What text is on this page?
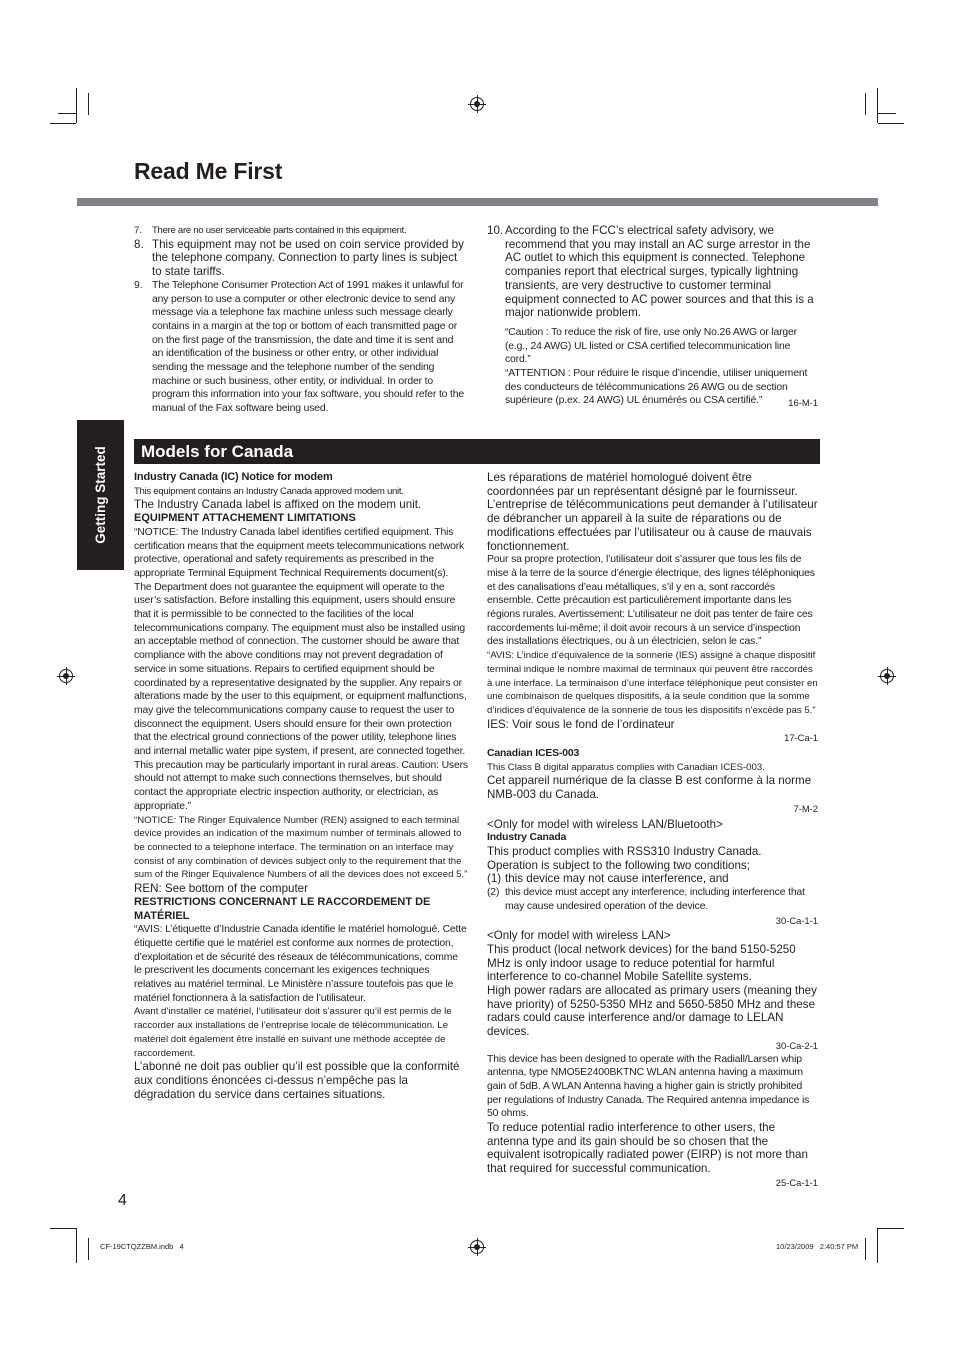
Read Me First
Getting Started
7.	There are no user serviceable parts contained in this equipment.
8. This equipment may not be used on coin service provided by the telephone company. Connection to party lines is subject to state tariffs.
9. The Telephone Consumer Protection Act of 1991 makes it unlawful for any person to use a computer or other electronic device to send any message via a telephone fax machine unless such message clearly contains in a margin at the top or bottom of each transmitted page or on the first page of the transmission, the date and time it is sent and an identification of the business or other entry, or other individual sending the message and the telephone number of the sending machine or such business, other entity, or individual. In order to program this information into your fax software, you should refer to the manual of the Fax software being used.
10. According to the FCC’s electrical safety advisory, we recommend that you may install an AC surge arrestor in the AC outlet to which this equipment is connected. Telephone companies report that electrical surges, typically lightning transients, are very destructive to customer terminal equipment connected to AC power sources and that this is a major nationwide problem.

“Caution : To reduce the risk of fire, use only No.26 AWG or larger (e.g., 24 AWG) UL listed or CSA certified telecommunication line cord.”

“ATTENTION : Pour réduire le risque d’incendie, utiliser uniquement des conducteurs de télécommunications 26 AWG ou de section supérieure (p.ex. 24 AWG) UL énumérés ou CSA certifié.”	16-M-1

Models for Canada

Industry Canada (IC) Notice for modem

This equipment contains an Industry Canada approved modem unit.

The Industry Canada label is affixed on the modem unit.

EQUIPMENT ATTACHEMENT LIMITATIONS

“NOTICE: The Industry Canada label identifies certified equipment. This certification means that the equipment meets telecommunications network protective, operational and safety requirements as prescribed in the appropriate Terminal Equipment Technical Requirements document(s). The Department does not guarantee the equipment will operate to the user’s satisfaction. Before installing this equipment, users should ensure that it is permissible to be connected to the facilities of the local telecommunications company. The equipment must also be installed using an acceptable method of connection. The customer should be aware that compliance with the above conditions may not prevent degradation of service in some situations. Repairs to certified equipment should be coordinated by a representative designated by the supplier. Any repairs or alterations made by the user to this equipment, or equipment malfunctions, may give the telecommunications company cause to request the user to disconnect the equipment. Users should ensure for their own protection that the electrical ground connections of the power utility, telephone lines and internal metallic water pipe system, if present, are connected together. This precaution may be particularly important in rural areas. Caution: Users should not attempt to make such connections themselves, but should contact the appropriate electric inspection authority, or electrician, as appropriate.”

“NOTICE: The Ringer Equivalence Number (REN) assigned to each terminal device provides an indication of the maximum number of terminals allowed to be connected to a telephone interface. The termination on an interface may consist of any combination of devices subject only to the requirement that the sum of the Ringer Equivalence Numbers of all the devices does not exceed 5.”

REN: See bottom of the computer

RESTRICTIONS CONCERNANT LE RACCORDEMENT DE MATÉRIEL

“AVIS: L’étiquette d’Industrie Canada identifie le matériel homologué. Cette étiquette certifie que le matériel est conforme aux normes de protection, d’exploitation et de sécurité des réseaux de télécommunications, comme le prescrivent les documents concernant les exigences techniques relatives au matériel terminal. Le Ministère n’assure toutefois pas que le matériel fonctionnera à la satisfaction de l’utilisateur.

Avant d’installer ce matériel, l’utilisateur doit s’assurer qu’il est permis de le raccorder aux installations de l’entreprise locale de télécommunication. Le matériel doit également être installé en suivant une méthode acceptée de raccordement.

L’abonné ne doit pas oublier qu’il est possible que la conformité aux conditions énoncées ci-dessus n’empêche pas la dégradation du service dans certaines situations.

Les réparations de matériel homologué doivent être coordonnées par un représentant désigné par le fournisseur. L’entreprise de télécommunications peut demander à l’utilisateur de débrancher un appareil à la suite de réparations ou de modifications effectuées par l’utilisateur ou à cause de mauvais fonctionnement.

Pour sa propre protection, l’utilisateur doit s’assurer que tous les fils de mise à la terre de la source d’énergie électrique, des lignes téléphoniques et des canalisations d’eau métalliques, s’il y en a, sont raccordés ensemble. Cette précaution est particulièrement importante dans les régions rurales. Avertissement: L’utilisateur ne doit pas tenter de faire ces raccordements lui-même; il doit avoir recours à un service d’inspection des installations électriques, ou à un électricien, selon le cas.”

“AVIS: L’indice d’équivalence de la sonnerie (IES) assigné à chaque dispositif terminal indique le nombre maximal de terminaux qui peuvent être raccordés à une interface. La terminaison d’une interface téléphonique peut consister en une combinaison de quelques dispositifs, à la seule condition que la somme d’indices d’équivalence de la sonnerie de tous les dispositifs n’excède pas 5.”

IES: Voir sous le fond de l’ordinateur

17-Ca-1

Canadian ICES-003

This Class B digital apparatus complies with Canadian ICES-003.

Cet appareil numérique de la classe B est conforme à la norme NMB-003 du Canada.

7-M-2

<Only for model with wireless LAN/Bluetooth>

Industry Canada

This product complies with RSS310 Industry Canada.

Operation is subject to the following two conditions;

(1) this device may not cause interference, and
(2) this device must accept any interference, including interference that may cause undesired operation of the device.

30-Ca-1-1

<Only for model with wireless LAN>

This product (local network devices) for the band 5150-5250 MHz is only indoor usage to reduce potential for harmful interference to co-channel Mobile Satellite systems.

High power radars are allocated as primary users (meaning they have priority) of 5250-5350 MHz and 5650-5850 MHz and these radars could cause interference and/or damage to LELAN devices.

30-Ca-2-1

This device has been designed to operate with the Radiall/Larsen whip antenna, type NMO5E2400BKTNC WLAN antenna having a maximum gain of 5dB. A WLAN Antenna having a higher gain is strictly prohibited per regulations of Industry Canada. The Required antenna impedance is 50 ohms.

To reduce potential radio interference to other users, the antenna type and its gain should be so chosen that the equivalent isotropically radiated power (EIRP) is not more than that required for successful communication.

25-Ca-1-1

4
CF-19CTQZZBM.indb   4	10/23/2009   2:40:57 PM
